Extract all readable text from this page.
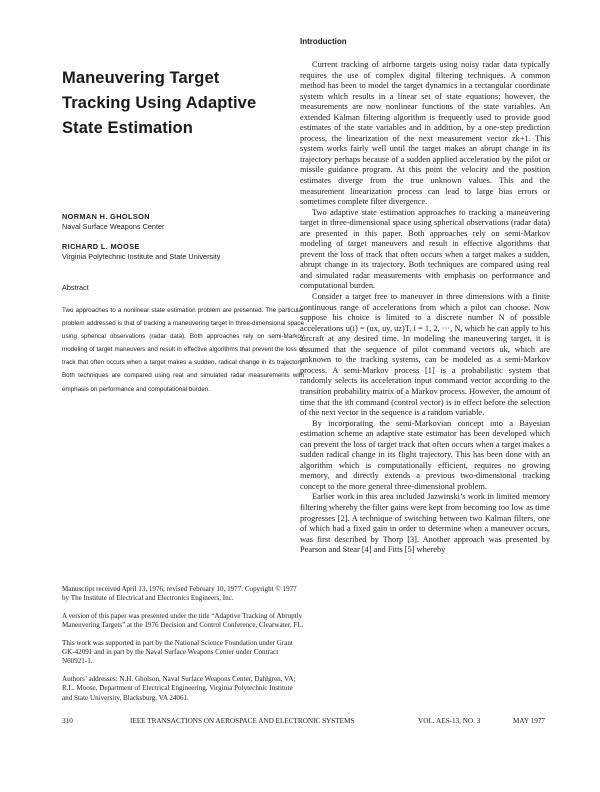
Maneuvering Target Tracking Using Adaptive State Estimation
NORMAN H. GHOLSON
Naval Surface Weapons Center
RICHARD L. MOOSE
Virginia Polytechnic Institute and State University
Abstract
Two approaches to a nonlinear state estimation problem are presented. The particular problem addressed is that of tracking a maneuvering target in three-dimensional space using spherical observations (radar data). Both approaches rely on semi-Markov modeling of target maneuvers and result in effective algorithms that prevent the loss of track that often occurs when a target makes a sudden, radical change in its trajectory. Both techniques are compared using real and simulated radar measurements with emphasis on performance and computational burden.

Manuscript received April 13, 1976; revised February 10, 1977. Copyright © 1977 by The Institute of Electrical and Electronics Engineers, Inc.

A version of this paper was presented under the title “Adaptive Tracking of Abruptly Maneuvering Targets” at the 1976 Decision and Control Conference, Clearwater, FL.

This work was supported in part by the National Science Foundation under Grant GK-42091 and in part by the Naval Surface Weapons Center under Contract N60921-1.

Authors’ addresses: N.H. Gholson, Naval Surface Weapons Center, Dahlgren, VA; R.L. Moose, Department of Electrical Engineering, Virginia Polytechnic Institute and State University, Blacksburg, VA 24061.

Introduction

Current tracking of airborne targets using noisy radar data typically requires the use of complex digital filtering techniques. A common method has been to model the target dynamics in a rectangular coordinate system which results in a linear set of state equations; however, the measurements are now nonlinear functions of the state variables. An extended Kalman filtering algorithm is frequently used to provide good estimates of the state variables and in addition, by a one-step prediction process, the linearization of the next measurement vector zk+1. This system works fairly well until the target makes an abrupt change in its trajectory perhaps because of a sudden applied acceleration by the pilot or missile guidance program. At this point the velocity and the position estimates diverge from the true unknown values. This and the measurement linearization process can lead to large bias errors or sometimes complete filter divergence.

Two adaptive state estimation approaches to tracking a maneuvering target in three-dimensional space using spherical observations (radar data) are presented in this paper. Both approaches rely on semi-Markov modeling of target maneuvers and result in effective algorithms that prevent the loss of track that often occurs when a target makes a sudden, abrupt change in its trajectory. Both techniques are compared using real and simulated radar measurements with emphasis on performance and computational burden.

Consider a target free to maneuver in three dimensions with a finite continuous range of accelerations from which a pilot can choose. Now suppose his choice is limited to a discrete number N of possible accelerations u(i) = (ux, uy, uz)T, i = 1, 2, ···, N, which he can apply to his aircraft at any desired time. In modeling the maneuvering target, it is assumed that the sequence of pilot command vectors uk, which are unknown to the tracking systems, can be modeled as a semi-Markov process. A semi-Markov process [1] is a probabilistic system that randomly selects its acceleration input command vector according to the transition probability matrix of a Markov process. However, the amount of time that the ith command (control vector) is in effect before the selection of the next vector in the sequence is a random variable.

By incorporating the semi-Markovian concept into a Bayesian estimation scheme an adaptive state estimator has been developed which can prevent the loss of target track that often occurs when a target makes a sudden radical change in its flight trajectory. This has been done with an algorithm which is computationally efficient, requires no growing memory, and directly extends a previous two-dimensional tracking concept to the more general three-dimensional problem.

Earlier work in this area included Jazwinski’s work in limited memory filtering whereby the filter gains were kept from becoming too low as time progresses [2]. A technique of switching between two Kalman filters, one of which had a fixed gain in order to determine when a maneuver occurs, was first described by Thorp [3]. Another approach was presented by Pearson and Stear [4] and Fitts [5] whereby

310	IEEE TRANSACTIONS ON AEROSPACE AND ELECTRONIC SYSTEMS	VOL. AES-13, NO. 3	MAY 1977
